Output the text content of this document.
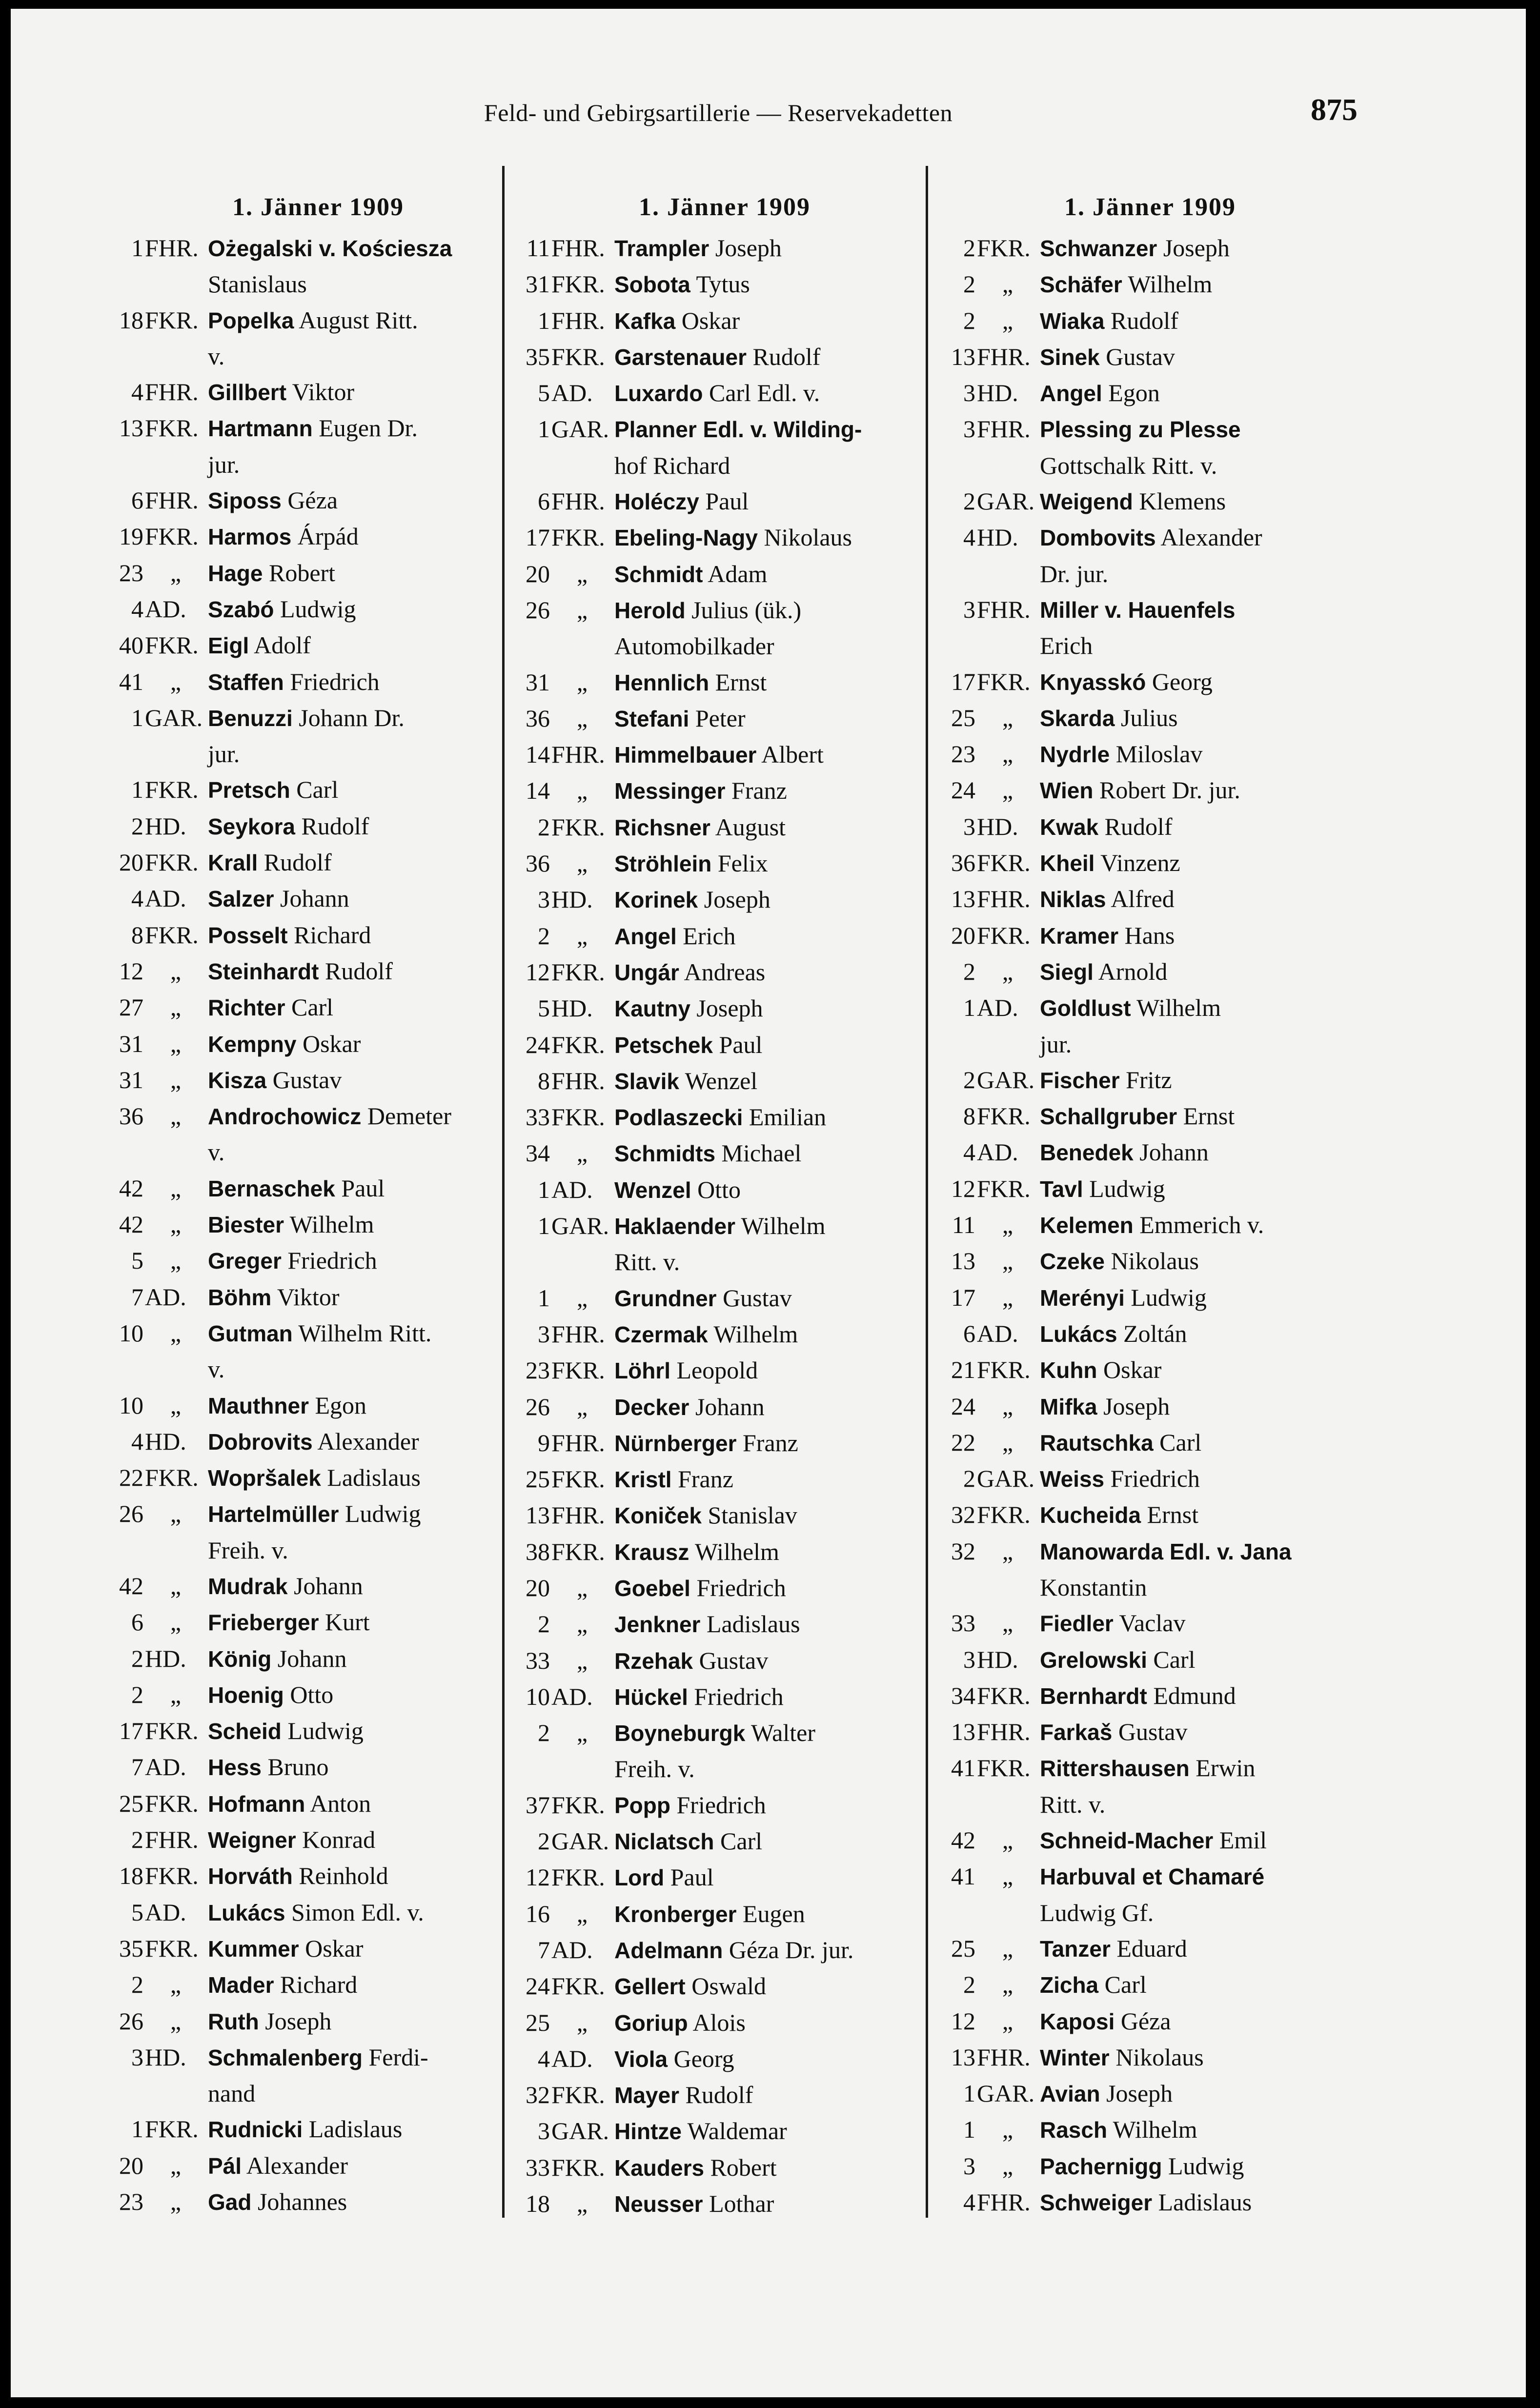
Feld- und Gebirgsartillerie — Reservekadetten	875
1. Jänner 1909
1 FHR. Ożegalski v. Kościesza
Stanislaus
18 FKR. Popelka August Ritt.
v.
4 FHR. Gillbert Viktor
13 FKR. Hartmann Eugen Dr.
jur.
6 FHR. Siposs Géza
19 FKR. Harmos Árpád
23	„	Hage Robert
4 AD. Szabó Ludwig
40 FKR. Eigl Adolf
41	„	Staffen Friedrich
1 GAR. Benuzzi Johann Dr.
jur.
1 FKR. Pretsch Carl
2 HD. Seykora Rudolf
20 FKR. Krall Rudolf
4 AD. Salzer Johann
8 FKR. Posselt Richard
12	„	Steinhardt Rudolf
27	„	Richter Carl
31	„	Kempny Oskar
31	„	Kisza Gustav
36	„	Androchowicz Demeter
v.
42	„	Bernaschek Paul
42	„	Biester Wilhelm
5	„	Greger Friedrich
7 AD. Böhm Viktor
10	„	Gutman Wilhelm Ritt.
v.
10	„	Mauthner Egon
4 HD. Dobrovits Alexander
22 FKR. Wopršalek Ladislaus
26	„	Hartelmüller Ludwig
Freih. v.
42	„	Mudrak Johann
6	„	Frieberger Kurt
2 HD. König Johann
2	„	Hoenig Otto
17 FKR. Scheid Ludwig
7 AD. Hess Bruno
25 FKR. Hofmann Anton
2 FHR. Weigner Konrad
18 FKR. Horváth Reinhold
5 AD. Lukács Simon Edl. v.
35 FKR. Kummer Oskar
2	„	Mader Richard
26	„	Ruth Joseph
3 HD. Schmalenberg Ferdi-
nand
1 FKR. Rudnicki Ladislaus
20	„	Pál Alexander
23	„	Gad Johannes
1. Jänner 1909
11 FHR. Trampler Joseph
31 FKR. Sobota Tytus
1 FHR. Kafka Oskar
35 FKR. Garstenauer Rudolf
5 AD. Luxardo Carl Edl. v.
1 GAR. Planner Edl. v. Wilding-
hof Richard
6 FHR. Holéczy Paul
17 FKR. Ebeling-Nagy Nikolaus
20	„	Schmidt Adam
26	„	Herold Julius (ük.)
Automobilkader
31	„	Hennlich Ernst
36	„	Stefani Peter
14 FHR. Himmelbauer Albert
14	„	Messinger Franz
2 FKR. Richsner August
36	„	Ströhlein Felix
3 HD. Korinek Joseph
2	„	Angel Erich
12 FKR. Ungár Andreas
5 HD. Kautny Joseph
24 FKR. Petschek Paul
8 FHR. Slavik Wenzel
33 FKR. Podlaszecki Emilian
34	„	Schmidts Michael
1 AD. Wenzel Otto
1 GAR. Haklaender Wilhelm
Ritt. v.
1	„	Grundner Gustav
3 FHR. Czermak Wilhelm
23 FKR. Löhrl Leopold
26	„	Decker Johann
9 FHR. Nürnberger Franz
25 FKR. Kristl Franz
13 FHR. Koniček Stanislav
38 FKR. Krausz Wilhelm
20	„	Goebel Friedrich
2	„	Jenkner Ladislaus
33	„	Rzehak Gustav
10 AD. Hückel Friedrich
2	„	Boyneburgk Walter
Freih. v.
37 FKR. Popp Friedrich
2 GAR. Niclatsch Carl
12 FKR. Lord Paul
16	„	Kronberger Eugen
7 AD. Adelmann Géza Dr. jur.
24 FKR. Gellert Oswald
25	„	Goriup Alois
4 AD. Viola Georg
32 FKR. Mayer Rudolf
3 GAR. Hintze Waldemar
33 FKR. Kauders Robert
18	„	Neusser Lothar
1. Jänner 1909
2 FKR. Schwanzer Joseph
2	„	Schäfer Wilhelm
2	„	Wiaka Rudolf
13 FHR. Sinek Gustav
3 HD. Angel Egon
3 FHR. Plessing zu Plesse
Gottschalk Ritt. v.
2 GAR. Weigend Klemens
4 HD. Dombovits Alexander
Dr. jur.
3 FHR. Miller v. Hauenfels
Erich
17 FKR. Knyasskó Georg
25	„	Skarda Julius
23	„	Nydrle Miloslav
24	„	Wien Robert Dr. jur.
3 HD. Kwak Rudolf
36 FKR. Kheil Vinzenz
13 FHR. Niklas Alfred
20 FKR. Kramer Hans
2	„	Siegl Arnold
1 AD. Goldlust Wilhelm
jur.
2 GAR. Fischer Fritz
8 FKR. Schallgruber Ernst
4 AD. Benedek Johann
12 FKR. Tavl Ludwig
11	„	Kelemen Emmerich v.
13	„	Czeke Nikolaus
17	„	Merényi Ludwig
6 AD. Lukács Zoltán
21 FKR. Kuhn Oskar
24	„	Mifka Joseph
22	„	Rautschka Carl
2 GAR. Weiss Friedrich
32 FKR. Kucheida Ernst
32	„	Manowarda Edl. v. Jana
Konstantin
33	„	Fiedler Vaclav
3 HD. Grelowski Carl
34 FKR. Bernhardt Edmund
13 FHR. Farkaš Gustav
41 FKR. Rittershausen Erwin
Ritt. v.
42	„	Schneid-Macher Emil
41	„	Harbuval et Chamaré
Ludwig Gf.
25	„	Tanzer Eduard
2	„	Zicha Carl
12	„	Kaposi Géza
13 FHR. Winter Nikolaus
1 GAR. Avian Joseph
1	„	Rasch Wilhelm
3	„	Pachernigg Ludwig
4 FHR. Schweiger Ladislaus
